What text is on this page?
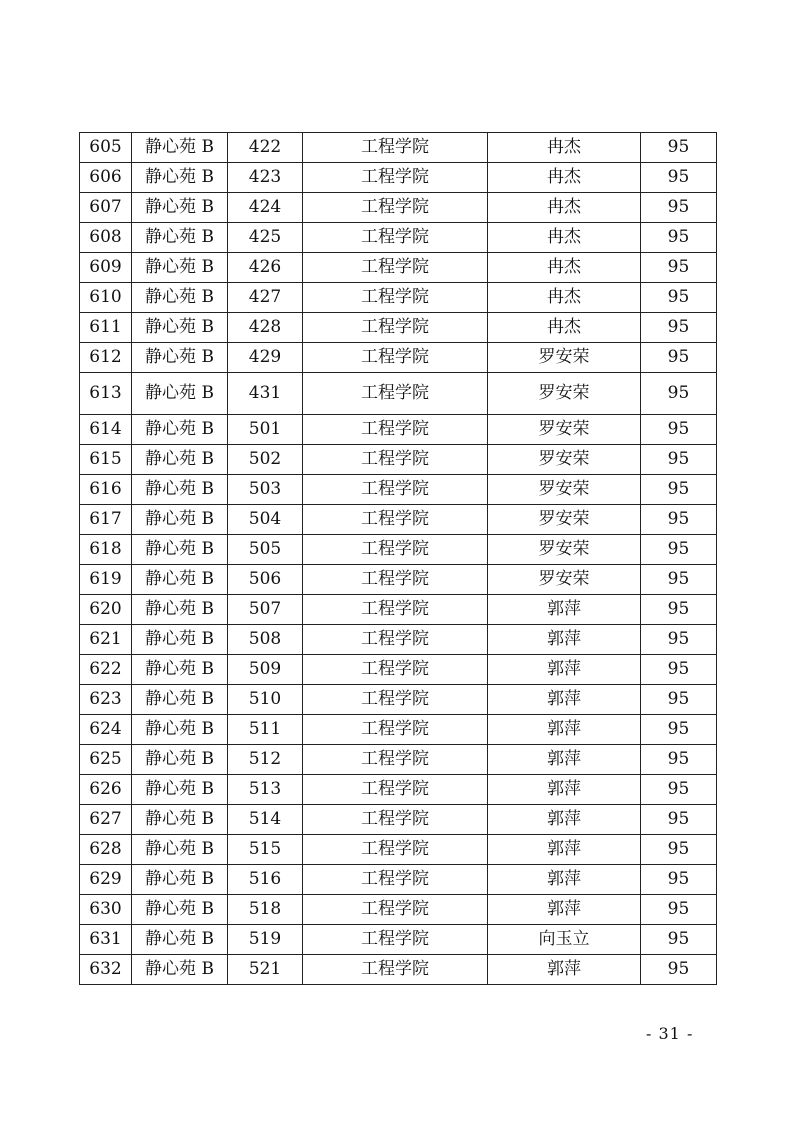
605	静心苑 B	422	工程学院	冉杰	95
606	静心苑 B	423	工程学院	冉杰	95
607	静心苑 B	424	工程学院	冉杰	95
608	静心苑 B	425	工程学院	冉杰	95
609	静心苑 B	426	工程学院	冉杰	95
610	静心苑 B	427	工程学院	冉杰	95
611	静心苑 B	428	工程学院	冉杰	95
612	静心苑 B	429	工程学院	罗安荣	95
613	静心苑 B	431	工程学院	罗安荣	95
614	静心苑 B	501	工程学院	罗安荣	95
615	静心苑 B	502	工程学院	罗安荣	95
616	静心苑 B	503	工程学院	罗安荣	95
617	静心苑 B	504	工程学院	罗安荣	95
618	静心苑 B	505	工程学院	罗安荣	95
619	静心苑 B	506	工程学院	罗安荣	95
620	静心苑 B	507	工程学院	郭萍	95
621	静心苑 B	508	工程学院	郭萍	95
622	静心苑 B	509	工程学院	郭萍	95
623	静心苑 B	510	工程学院	郭萍	95
624	静心苑 B	511	工程学院	郭萍	95
625	静心苑 B	512	工程学院	郭萍	95
626	静心苑 B	513	工程学院	郭萍	95
627	静心苑 B	514	工程学院	郭萍	95
628	静心苑 B	515	工程学院	郭萍	95
629	静心苑 B	516	工程学院	郭萍	95
630	静心苑 B	518	工程学院	郭萍	95
631	静心苑 B	519	工程学院	向玉立	95
632	静心苑 B	521	工程学院	郭萍	95
- 31 -
